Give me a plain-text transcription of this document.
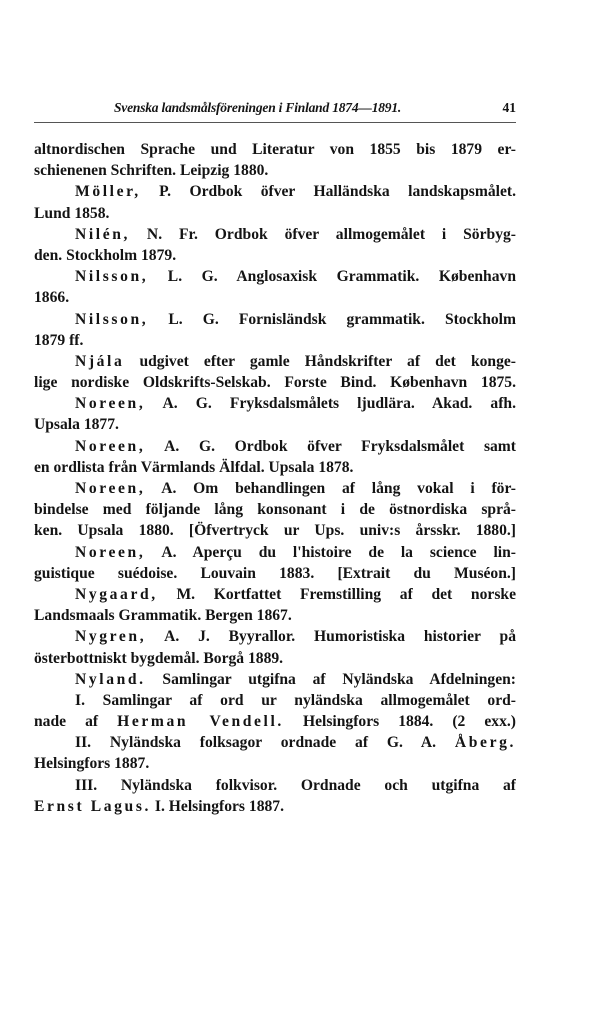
Svenska landsmålsföreningen i Finland 1874—1891.	41
altnordischen Sprache und Literatur von 1855 bis 1879 er-
schienenen Schriften. Leipzig 1880.
Möller, P. Ordbok öfver Halländska landskapsmålet.
Lund 1858.
Nilén, N. Fr. Ordbok öfver allmogemålet i Sörbyg-
den. Stockholm 1879.
Nilsson, L. G. Anglosaxisk Grammatik. København
1866.
Nilsson, L. G. Fornisländsk grammatik. Stockholm
1879 ff.
Njála udgivet efter gamle Håndskrifter af det konge-
lige nordiske Oldskrifts-Selskab. Forste Bind. København 1875.
Noreen, A. G. Fryksdalsmålets ljudlära. Akad. afh.
Upsala 1877.
Noreen, A. G. Ordbok öfver Fryksdalsmålet samt
en ordlista från Värmlands Älfdal. Upsala 1878.
Noreen, A. Om behandlingen af lång vokal i för-
bindelse med följande lång konsonant i de östnordiska språ-
ken. Upsala 1880. [Öfvertryck ur Ups. univ:s årsskr. 1880.]
Noreen, A. Aperçu du l'histoire de la science lin-
guistique suédoise. Louvain 1883. [Extrait du Muséon.]
Nygaard, M. Kortfattet Fremstilling af det norske
Landsmaals Grammatik. Bergen 1867.
Nygren, A. J. Byyrallor. Humoristiska historier på
österbottniskt bygdemål. Borgå 1889.
Nyland. Samlingar utgifna af Nyländska Afdelningen:
I. Samlingar af ord ur nyländska allmogemålet ord-
nade af Herman Vendell. Helsingfors 1884. (2 exx.)
II. Nyländska folksagor ordnade af G. A. Åberg.
Helsingfors 1887.
III. Nyländska folkvisor. Ordnade och utgifna af
Ernst Lagus. I. Helsingfors 1887.
